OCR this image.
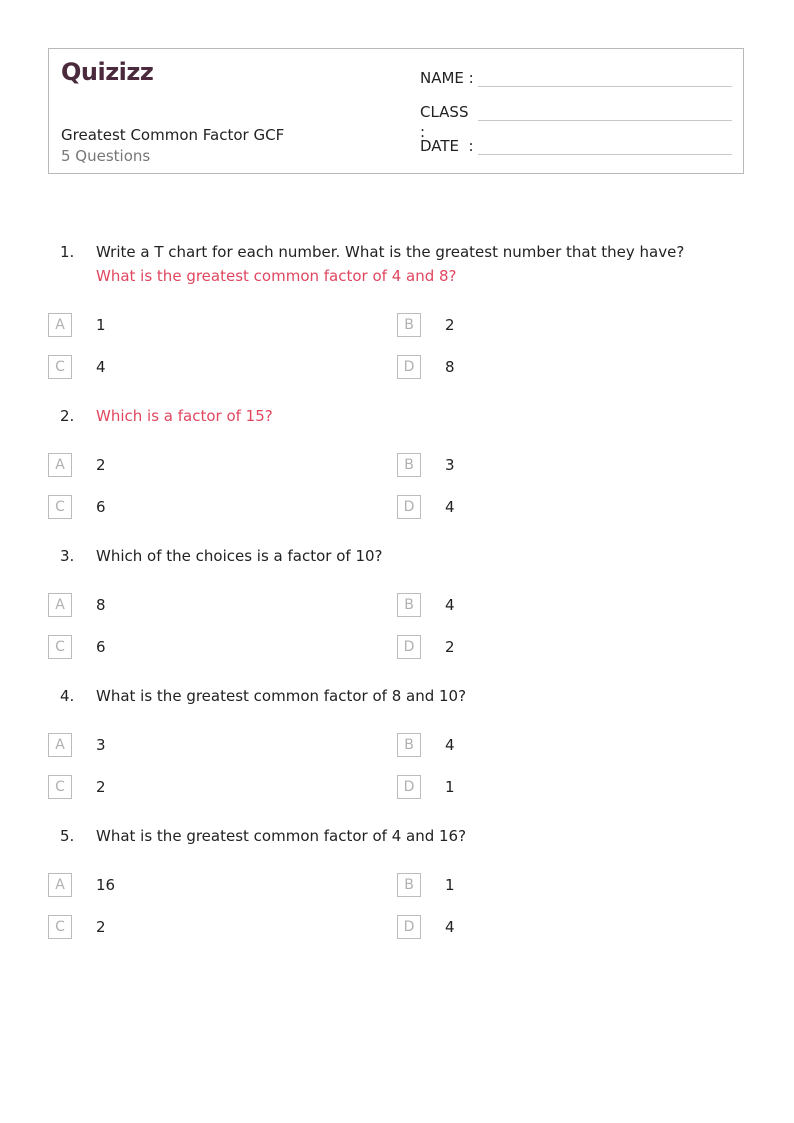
Quizizz
Greatest Common Factor GCF
5 Questions
NAME :
CLASS :
DATE  :
1. Write a T chart for each number. What is the greatest number that they have?
What is the greatest common factor of 4 and 8?
A	1	B	2
C	4	D	8
2. Which is a factor of 15?
A	2	B	3
C	6	D	4
3. Which of the choices is a factor of 10?
A	8	B	4
C	6	D	2
4. What is the greatest common factor of 8 and 10?
A	3	B	4
C	2	D	1
5. What is the greatest common factor of 4 and 16?
A	16	B	1
C	2	D	4
